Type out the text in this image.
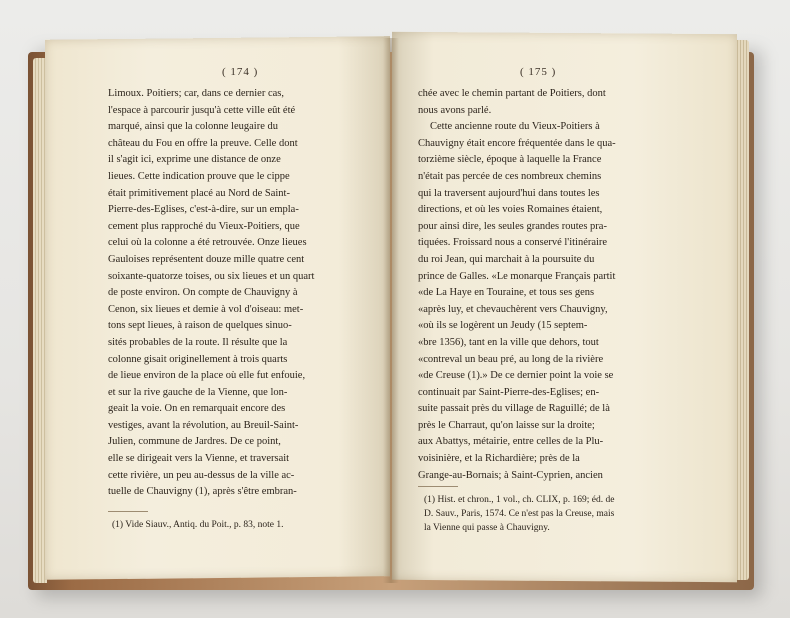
( 174 )
Limoux. Poitiers; car, dans ce dernier cas,
l'espace à parcourir jusqu'à cette ville eût été
marqué, ainsi que la colonne leugaire du
château du Fou en offre la preuve. Celle dont
il s'agit ici, exprime une distance de onze
lieues. Cette indication prouve que le cippe
était primitivement placé au Nord de Saint-
Pierre-des-Eglises, c'est-à-dire, sur un empla-
cement plus rapproché du Vieux-Poitiers, que
celui où la colonne a été retrouvée. Onze lieues
Gauloises représentent douze mille quatre cent
soixante-quatorze toises, ou six lieues et un quart
de poste environ. On compte de Chauvigny à
Cenon, six lieues et demie à vol d'oiseau: met-
tons sept lieues, à raison de quelques sinuo-
sités probables de la route. Il résulte que la
colonne gisait originellement à trois quarts
de lieue environ de la place où elle fut enfouie,
et sur la rive gauche de la Vienne, que lon-
geait la voie. On en remarquait encore des
vestiges, avant la révolution, au Breuil-Saint-
Julien, commune de Jardres. De ce point,
elle se dirigeait vers la Vienne, et traversait
cette rivière, un peu au-dessus de la ville ac-
tuelle de Chauvigny (1), après s'être embran-
(1) Vide Siauv., Antiq. du Poit., p. 83, note 1.
( 175 )
chée avec le chemin partant de Poitiers, dont
nous avons parlé.
Cette ancienne route du Vieux-Poitiers à
Chauvigny était encore fréquentée dans le qua-
torzième siècle, époque à laquelle la France
n'était pas percée de ces nombreux chemins
qui la traversent aujourd'hui dans toutes les
directions, et où les voies Romaines étaient,
pour ainsi dire, les seules grandes routes pra-
tiquées. Froissard nous a conservé l'itinéraire
du roi Jean, qui marchait à la poursuite du
prince de Galles. «Le monarque Français partit
«de La Haye en Touraine, et tous ses gens
«après luy, et chevauchèrent vers Chauvigny,
«où ils se logèrent un Jeudy (15 septem-
«bre 1356), tant en la ville que dehors, tout
«contreval un beau pré, au long de la rivière
«de Creuse (1).» De ce dernier point la voie se
continuait par Saint-Pierre-des-Eglises; en-
suite passait près du village de Raguillé; de là
près le Charraut, qu'on laisse sur la droite;
aux Abattys, métairie, entre celles de la Plu-
voisinière, et la Richardière; près de la
Grange-au-Bornais; à Saint-Cyprien, ancien
(1) Hist. et chron., 1 vol., ch. CLIX, p. 169; éd. de
D. Sauv., Paris, 1574. Ce n'est pas la Creuse, mais
la Vienne qui passe à Chauvigny.
